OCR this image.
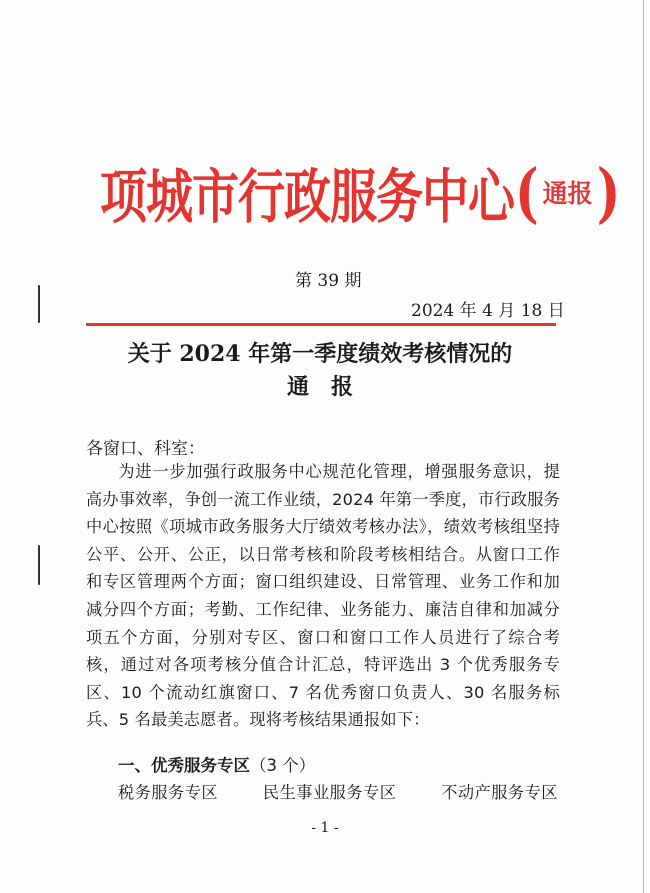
项城市行政服务中心 ( 通报 )
第 39 期
2024 年 4 月 18 日
关于 2024 年第一季度绩效考核情况的
通报
各窗口、科室：
为进一步加强行政服务中心规范化管理，增强服务意识，提高办事效率，争创一流工作业绩，2024 年第一季度，市行政服务中心按照《项城市政务服务大厅绩效考核办法》，绩效考核组坚持公平、公开、公正，以日常考核和阶段考核相结合。从窗口工作和专区管理两个方面；窗口组织建设、日常管理、业务工作和加减分四个方面；考勤、工作纪律、业务能力、廉洁自律和加减分项五个方面，分别对专区、窗口和窗口工作人员进行了综合考核，通过对各项考核分值合计汇总，特评选出 3 个优秀服务专区、10 个流动红旗窗口、7 名优秀窗口负责人、30 名服务标兵、5 名最美志愿者。现将考核结果通报如下：
一、优秀服务专区（3 个）
税务服务专区	民生事业服务专区	不动产服务专区
- 1 -
